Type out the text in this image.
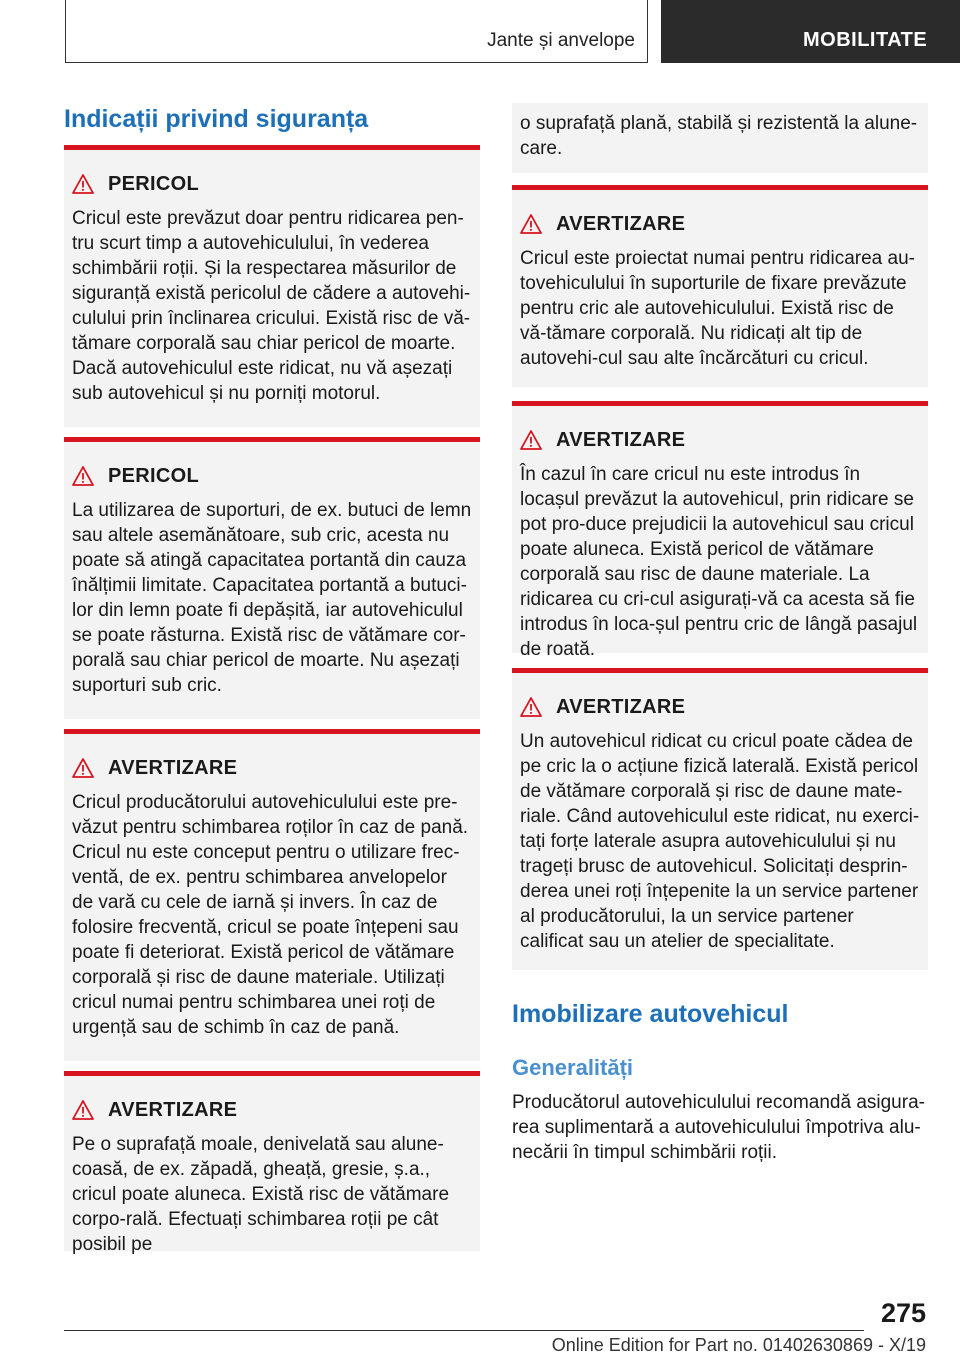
Jante și anvelope	MOBILITATE
Indicații privind siguranța
PERICOL
Cricul este prevăzut doar pentru ridicarea pen-tru scurt timp a autovehiculului, în vederea schimbării roții. Și la respectarea măsurilor de siguranță există pericolul de cădere a autovehi-culului prin înclinarea cricului. Există risc de vă-tămare corporală sau chiar pericol de moarte. Dacă autovehiculul este ridicat, nu vă așezați sub autovehicul și nu porniți motorul.
PERICOL
La utilizarea de suporturi, de ex. butuci de lemn sau altele asemănătoare, sub cric, acesta nu poate să atingă capacitatea portantă din cauza înălțimii limitate. Capacitatea portantă a butuci-lor din lemn poate fi depășită, iar autovehiculul se poate răsturna. Există risc de vătămare cor-porală sau chiar pericol de moarte. Nu așezați suporturi sub cric.
AVERTIZARE
Cricul producătorului autovehiculului este pre-văzut pentru schimbarea roților în caz de pană. Cricul nu este conceput pentru o utilizare frec-ventă, de ex. pentru schimbarea anvelopelor de vară cu cele de iarnă și invers. În caz de folosire frecventă, cricul se poate înțepeni sau poate fi deteriorat. Există pericol de vătămare corporală și risc de daune materiale. Utilizați cricul numai pentru schimbarea unei roți de urgență sau de schimb în caz de pană.
AVERTIZARE
Pe o suprafață moale, denivelată sau alune-coasă, de ex. zăpadă, gheață, gresie, ș.a., cricul poate aluneca. Există risc de vătămare corpo-rală. Efectuați schimbarea roții pe cât posibil pe
o suprafață plană, stabilă și rezistentă la alune-care.
AVERTIZARE
Cricul este proiectat numai pentru ridicarea au-tovehiculului în suporturile de fixare prevăzute pentru cric ale autovehiculului. Există risc de vă-tămare corporală. Nu ridicați alt tip de autovehi-cul sau alte încărcături cu cricul.
AVERTIZARE
În cazul în care cricul nu este introdus în locașul prevăzut la autovehicul, prin ridicare se pot pro-duce prejudicii la autovehicul sau cricul poate aluneca. Există pericol de vătămare corporală sau risc de daune materiale. La ridicarea cu cri-cul asigurați-vă ca acesta să fie introdus în loca-șul pentru cric de lângă pasajul de roată.
AVERTIZARE
Un autovehicul ridicat cu cricul poate cădea de pe cric la o acțiune fizică laterală. Există pericol de vătămare corporală și risc de daune mate-riale. Când autovehiculul este ridicat, nu exerci-tați forțe laterale asupra autovehiculului și nu trageți brusc de autovehicul. Solicitați desprin-derea unei roți înțepenite la un service partener al producătorului, la un service partener calificat sau un atelier de specialitate.
Imobilizare autovehicul
Generalități
Producătorul autovehiculului recomandă asigura-rea suplimentară a autovehiculului împotriva alu-necării în timpul schimbării roții.
275
Online Edition for Part no. 01402630869 - X/19
